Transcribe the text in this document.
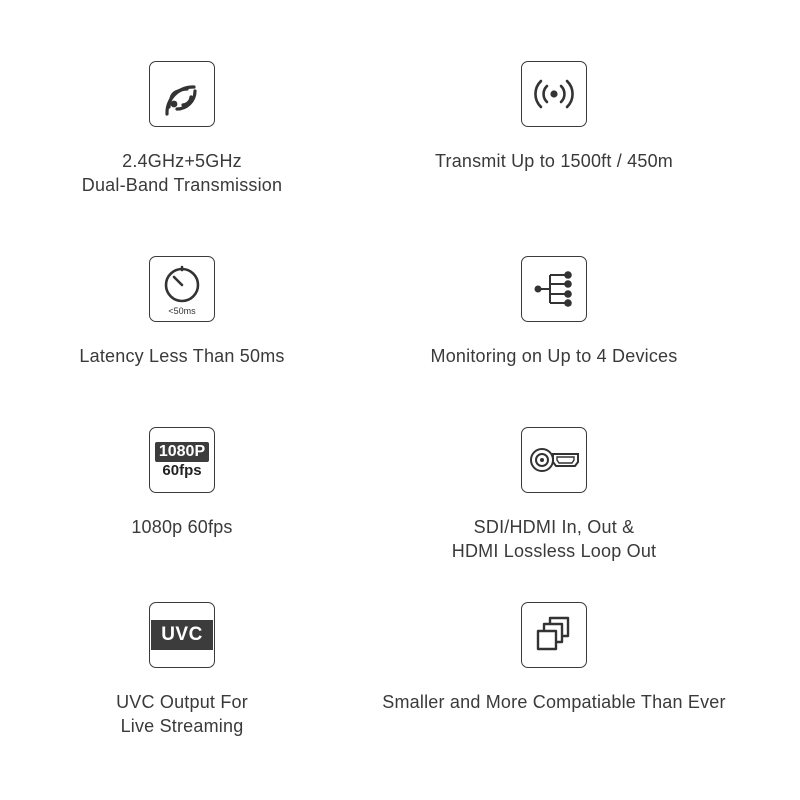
2.4GHz+5GHz
Dual-Band Transmission
Transmit Up to 1500ft / 450m
<50ms
Latency Less Than 50ms	Monitoring on Up to 4 Devices
1080P
60fps
1080p 60fps	SDI/HDMI In, Out &
HDMI Lossless Loop Out
UVC
UVC Output For
Live Streaming
Smaller and More Compatiable Than Ever
